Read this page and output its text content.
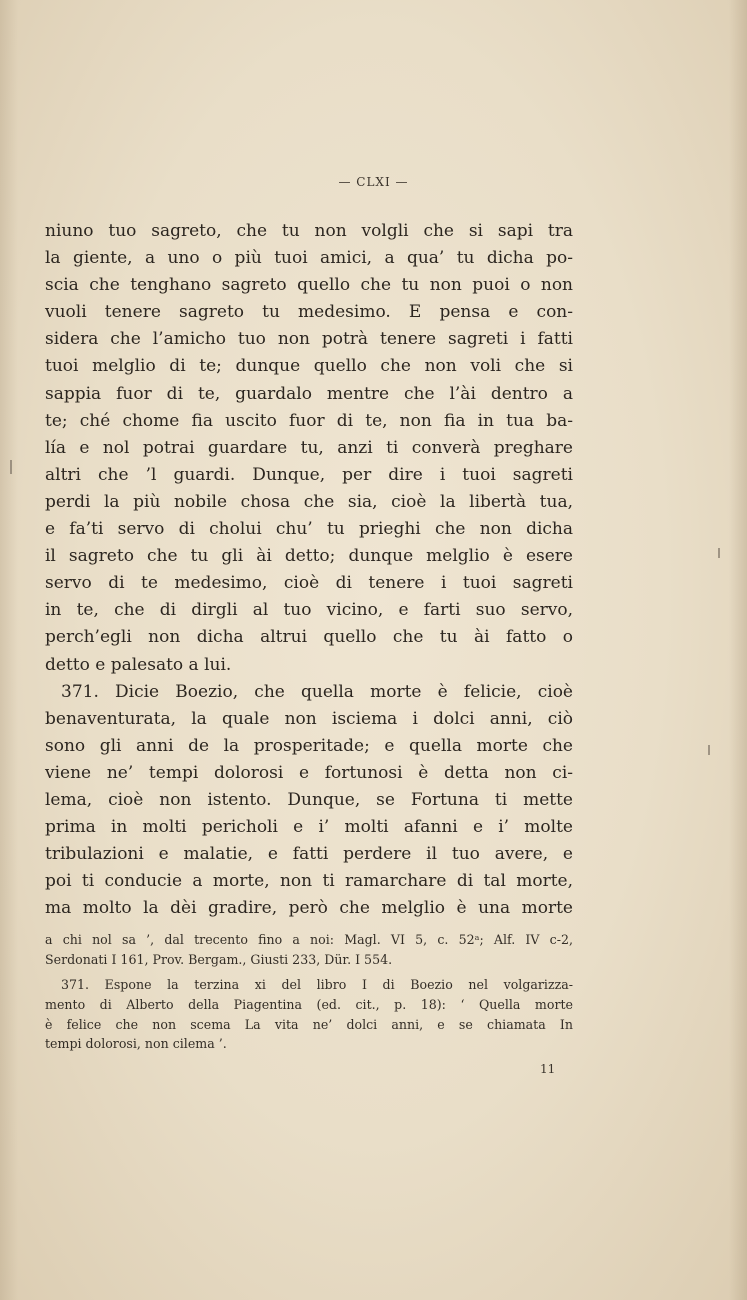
— CLXI —
niuno tuo sagreto, che tu non volgli che si sapi tra
la giente, a uno o più tuoi amici, a qua’ tu dicha po-
scia che tenghano sagreto quello che tu non puoi o non
vuoli tenere sagreto tu medesimo. E pensa e con-
sidera che l’amicho tuo non potrà tenere sagreti i fatti
tuoi melglio di te; dunque quello che non voli che si
sappia fuor di te, guardalo mentre che l’ài dentro a
te; ché chome fia uscito fuor di te, non fia in tua ba-
lía e nol potrai guardare tu, anzi ti converà preghare
altri che ’l guardi. Dunque, per dire i tuoi sagreti
perdi la più nobile chosa che sia, cioè la libertà tua,
e fa’ti servo di cholui chu’ tu prieghi che non dicha
il sagreto che tu gli ài detto; dunque melglio è esere
servo di te medesimo, cioè di tenere i tuoi sagreti
in te, che di dirgli al tuo vicino, e farti suo servo,
perch’egli non dicha altrui quello che tu ài fatto o
detto e palesato a lui.
371. Dicie Boezio, che quella morte è felicie, cioè
benaventurata, la quale non isciema i dolci anni, ciò
sono gli anni de la prosperitade; e quella morte che
viene ne’ tempi dolorosi e fortunosi è detta non ci-
lema, cioè non istento. Dunque, se Fortuna ti mette
prima in molti pericholi e i’ molti afanni e i’ molte
tribulazioni e malatie, e fatti perdere il tuo avere, e
poi ti conducie a morte, non ti ramarchare di tal morte,
ma molto la dèi gradire, però che melglio è una morte
a chi nol sa ’, dal trecento fino a noi: Magl. VI 5, c. 52ᵃ; Alf. IV c-2,
Serdonati I 161, Prov. Bergam., Giusti 233, Dür. I 554.
371. Espone la terzina xi del libro I di Boezio nel volgarizza-
mento di Alberto della Piagentina (ed. cit., p. 18): ‘ Quella morte
è felice che non scema La vita ne’ dolci anni, e se chiamata In
tempi dolorosi, non cilema ’.
11
